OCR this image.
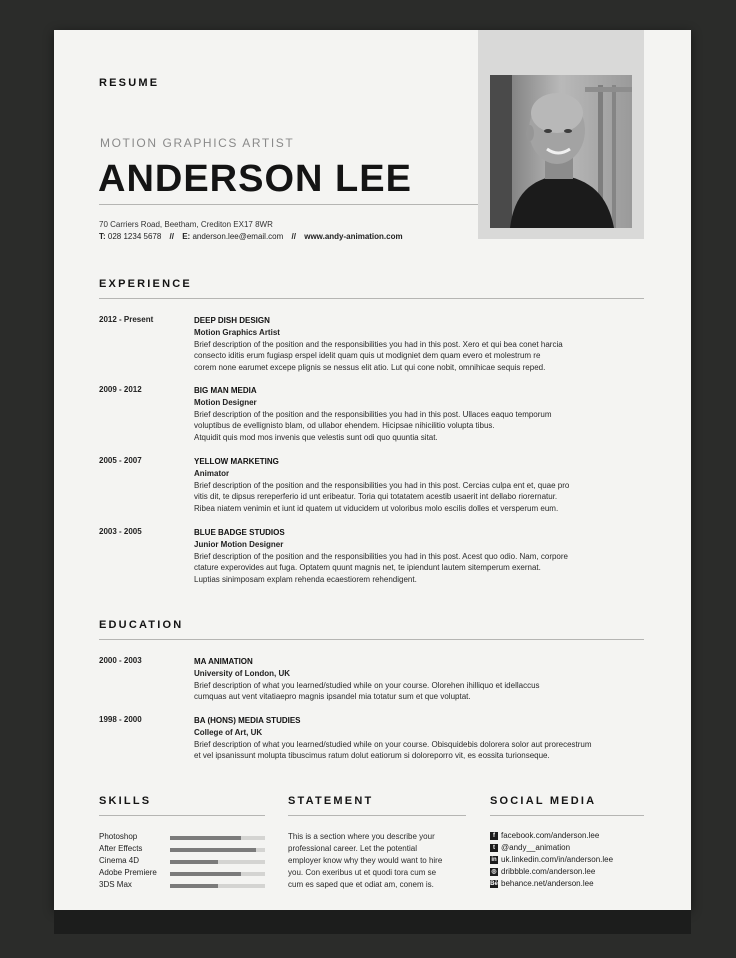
RESUME
MOTION GRAPHICS ARTIST
ANDERSON LEE
70 Carriers Road, Beetham, Crediton EX17 8WR
T: 028 1234 5678 // E: anderson.lee@email.com // www.andy-animation.com
EXPERIENCE
2012 - Present	DEEP DISH DESIGN
Motion Graphics Artist
Brief description of the position and the responsibilities you had in this post. Xero et qui bea conet harcia
consecto iditis erum fugiasp erspel idelit quam quis ut modigniet dem quam evero et molestrum re
corem none earumet excepe plignis se nessus elit atio. Lut qui cone nobit, omnihicae sequis reped.
2009 - 2012	BIG MAN MEDIA
Motion Designer
Brief description of the position and the responsibilities you had in this post. Ullaces eaquo temporum
voluptibus de evellignisto blam, od ullabor ehendem. Hicipsae nihicilitio volupta tibus.
Atquidit quis mod mos invenis que velestis sunt odi quo quuntia sitat.
2005 - 2007	YELLOW MARKETING
Animator
Brief description of the position and the responsibilities you had in this post. Cercias culpa ent et, quae pro
vitis dit, te dipsus rereperferio id unt eribeatur. Toria qui totatatem acestib usaerit int dellabo riorernatur.
Ribea niatem venimin et iunt id quatem ut viducidem ut voloribus molo escilis dolles et versperum eum.
2003 - 2005	BLUE BADGE STUDIOS
Junior Motion Designer
Brief description of the position and the responsibilities you had in this post. Acest quo odio. Nam, corpore
ctature experovides aut fuga. Optatem quunt magnis net, te ipiendunt lautem sitemperum exernat.
Luptias sinimposam explam rehenda ecaestiorem rehendigent.
EDUCATION
2000 - 2003	MA ANIMATION
University of London, UK
Brief description of what you learned/studied while on your course. Olorehen ihilliquo et idellaccus
cumquas aut vent vitatiaepro magnis ipsandel mia totatur sum et que voluptat.
1998 - 2000	BA (HONS) MEDIA STUDIES
College of Art, UK
Brief description of what you learned/studied while on your course. Obisquidebis dolorera solor aut prorecestrum
et vel ipsanissunt molupta tibuscimus ratum dolut eatiorum si doloreporro vit, es eossita turionseque.
SKILLS
Photoshop
After Effects
Cinema 4D
Adobe Premiere
3DS Max
STATEMENT
This is a section where you describe your
professional career. Let the potential
employer know why they would want to hire
you. Con exeribus ut et quodi tora cum se
cum es saped que et odiat am, conem is.
SOCIAL MEDIA
f facebook.com/anderson.lee
t @andy__animation
in uk.linkedin.com/in/anderson.lee
◎ dribbble.com/anderson.lee
Bē behance.net/anderson.lee
